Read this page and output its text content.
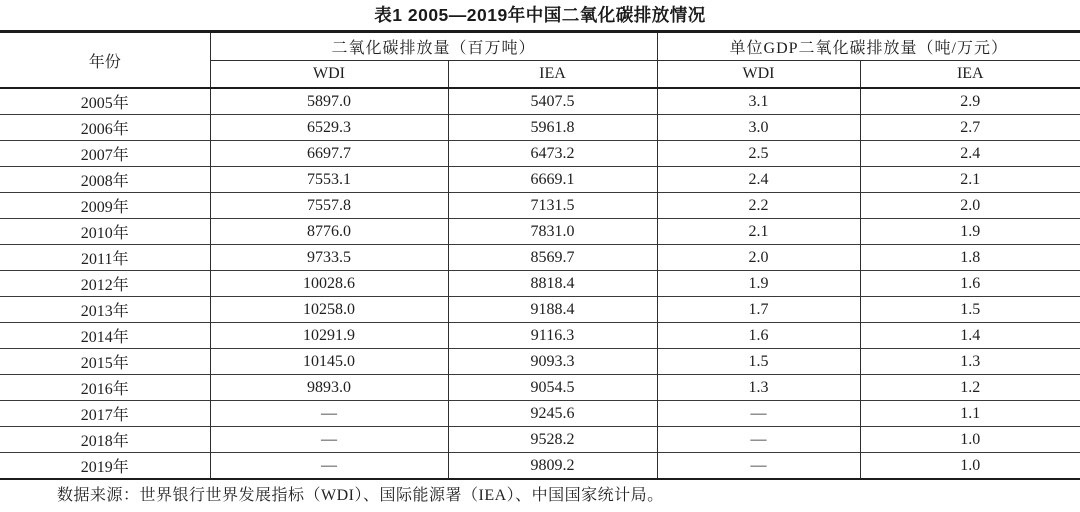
表1 2005—2019年中国二氧化碳排放情况
年份	二氧化碳排放量（百万吨）		单位GDP二氧化碳排放量（吨/万元）	
	WDI	IEA	WDI	IEA
2005年	5897.0	5407.5	3.1	2.9
2006年	6529.3	5961.8	3.0	2.7
2007年	6697.7	6473.2	2.5	2.4
2008年	7553.1	6669.1	2.4	2.1
2009年	7557.8	7131.5	2.2	2.0
2010年	8776.0	7831.0	2.1	1.9
2011年	9733.5	8569.7	2.0	1.8
2012年	10028.6	8818.4	1.9	1.6
2013年	10258.0	9188.4	1.7	1.5
2014年	10291.9	9116.3	1.6	1.4
2015年	10145.0	9093.3	1.5	1.3
2016年	9893.0	9054.5	1.3	1.2
2017年	—	9245.6	—	1.1
2018年	—	9528.2	—	1.0
2019年	—	9809.2	—	1.0
数据来源：世界银行世界发展指标（WDI）、国际能源署（IEA）、中国国家统计局。
